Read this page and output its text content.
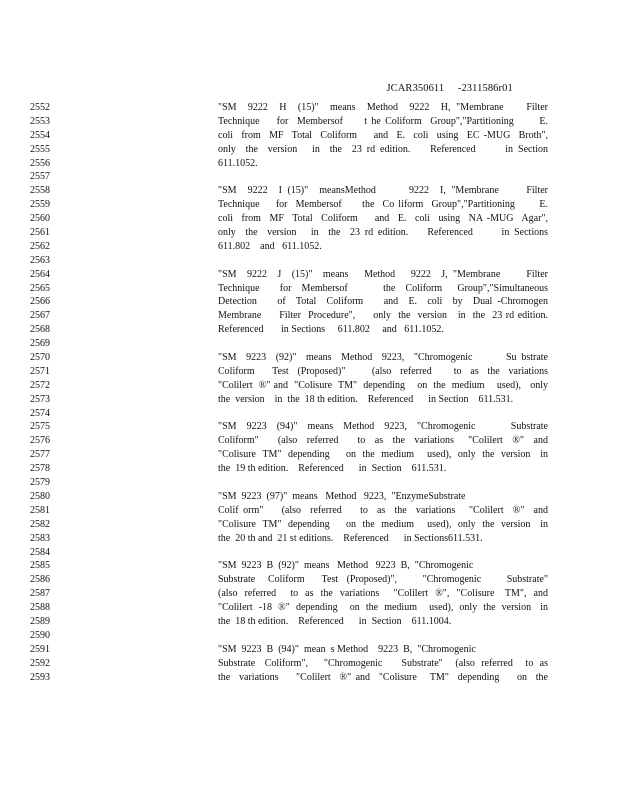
JCAR350611     -2311586r01

2552
2553
2554
2555
2556
2557
2558
2559
2560
2561
2562
2563
2564
2565
2566
2567
2568
2569
2570
2571
2572
2573
2574
2575
2576
2577
2578
2579
2580
2581
2582
2583
2584
2585
2586
2587
2588
2589
2590
2591
2592
2593
"SM  9222  H  (15)"  means  Method  9222  H, "Membrane    Filter
Technique    for  Membersof     t he Coliform  Group","Partitioning      E.
coli  from  MF  Total  Coliform    and  E.  coli  using  EC -MUG  Broth",
only  the  version   in  the  23 rd edition.    Referenced      in Section
611.1052.
"SM  9222  I (15)"  meansMethod      9222  I, "Membrane     Filter
Technique    for  Membersof     the  Co liform  Group","Partitioning      E.
coli  from  MF  Total  Coliform    and  E.  coli  using  NA -MUG  Agar",
only  the  version   in  the  23 rd edition.    Referenced      in Sections
611.802    and   611.1052.
"SM  9222  J  (15)"  means   Method   9222  J, "Membrane     Filter
Technique    for  Membersof       the  Coliform   Group","Simultaneous
Detection    of  Total  Coliform    and  E.  coli  by  Dual -Chromogen
Membrane     Filter  Procedure",     only  the  version   in  the  23 rd edition.
Referenced       in Sections     611.802     and   611.1052.
"SM  9223  (92)"  means  Method  9223,  "Chromogenic       Su bstrate
Coliform    Test  (Proposed)"      (also  referred     to  as  the  variations
"Colilert  ®" and  "Colisure  TM"  depending    on  the  medium    used),   only
the  version    in  the  18 th edition.    Referenced      in Section    611.531.
"SM  9223  (94)"  means  Method  9223,  "Chromogenic       Substrate
Coliform"    (also  referred    to  as  the  variations   "Colilert  ®"  and
"Colisure  TM"  depending     on  the  medium    used),  only  the  version   in
the  19 th edition.    Referenced      in  Section    611.531.
"SM  9223  (97)"  means   Method   9223,  "EnzymeSubstrate
Colif orm"    (also  referred    to  as  the  variations   "Colilert  ®"  and
"Colisure  TM"  depending     on  the  medium    used),  only  the  version   in
the  20 th and  21 st editions.    Referenced      in Sections611.531.
"SM  9223  B  (92)"  means   Method   9223  B,  "Chromogenic
Substrate   Coliform    Test  (Proposed)",      "Chromogenic      Substrate"
(also  referred    to  as  the  variations    "Colilert  ®",  "Colisure   TM",  and
"Colilert  -18  ®"  depending    on  the  medium    used),  only  the  version   in
the  18 th edition.    Referenced      in  Section    611.1004.
"SM  9223  B  (94)"  mean  s Method    9223  B,  "Chromogenic
Substrate   Coliform",     "Chromogenic      Substrate"    (also  referred    to  as
the  variations    "Colilert  ®" and  "Colisure   TM"  depending    on  the
